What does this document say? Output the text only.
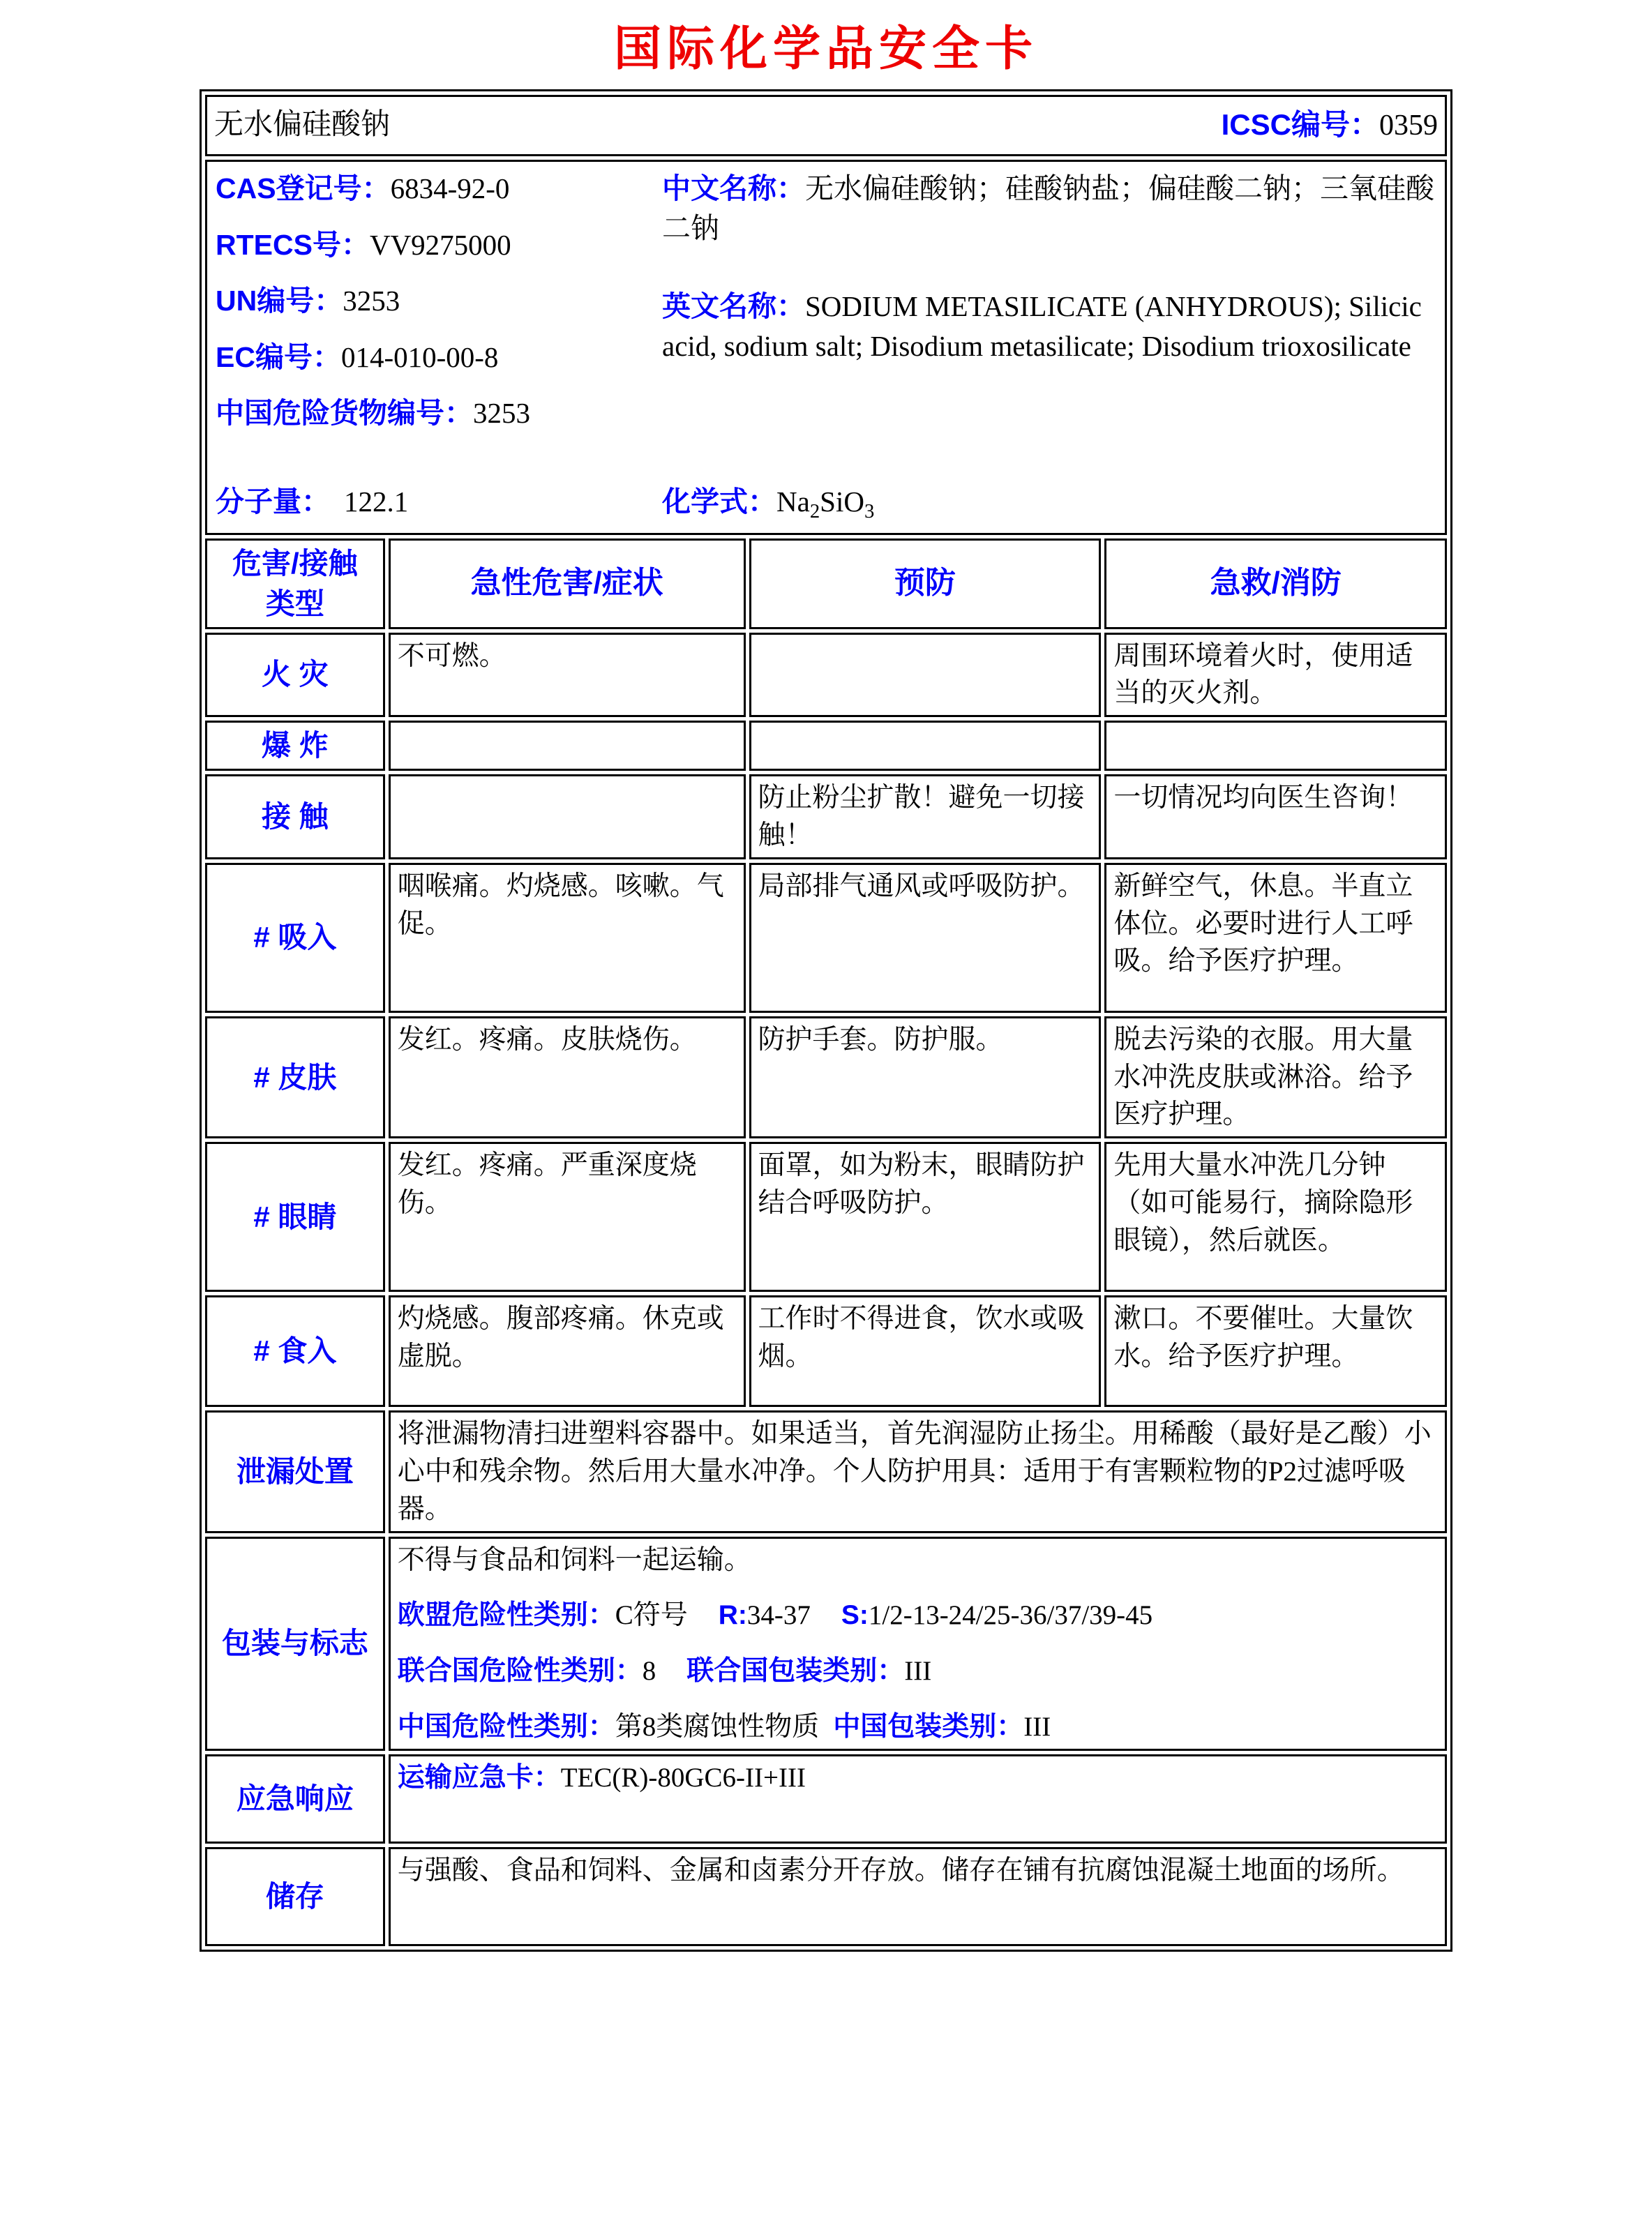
国际化学品安全卡
无水偏硅酸钠 ICSC编号：0359			

CAS登记号：6834-92-0
RTECS号：VV9275000
UN编号：3253
EC编号：014-010-00-8
中国危险货物编号：3253
中文名称：无水偏硅酸钠；硅酸钠盐；偏硅酸二钠；三氧硅酸二钠
英文名称：SODIUM METASILICATE (ANHYDROUS); Silicic acid, sodium salt; Disodium metasilicate; Disodium trioxosilicate
分子量： 122.1	化学式：$Na_2SiO_3$

危害/接触 类型	急性危害/症状	预防	急救/消防
火 灾	不可燃。		周围环境着火时，使用适当的灭火剂。
爆 炸			
接 触		防止粉尘扩散！避免一切接触！	一切情况均向医生咨询！
# 吸入	咽喉痛。灼烧感。咳嗽。气促。	局部排气通风或呼吸防护。	新鲜空气，休息。半直立体位。必要时进行人工呼吸。给予医疗护理。
# 皮肤	发红。疼痛。皮肤烧伤。	防护手套。防护服。	脱去污染的衣服。用大量水冲洗皮肤或淋浴。给予医疗护理。
# 眼睛	发红。疼痛。严重深度烧伤。	面罩，如为粉末，眼睛防护结合呼吸防护。	先用大量水冲洗几分钟（如可能易行，摘除隐形眼镜），然后就医。
# 食入	灼烧感。腹部疼痛。休克或虚脱。	工作时不得进食，饮水或吸烟。	漱口。不要催吐。大量饮水。给予医疗护理。
泄漏处置	将泄漏物清扫进塑料容器中。如果适当，首先润湿防止扬尘。用稀酸（最好是乙酸）小心中和残余物。然后用大量水冲净。个人防护用具：适用于有害颗粒物的P2过滤呼吸器。		
包装与标志	不得与食品和饲料一起运输。
欧盟危险性类别：C符号 R:34-37 S:1/2-13-24/25-36/37/39-45
联合国危险性类别：8 联合国包装类别：III
中国危险性类别：第8类腐蚀性物质 中国包装类别：III		

应急响应	运输应急卡：TEC(R)-80GC6-II+III		
储存	与强酸、食品和饲料、金属和卤素分开存放。储存在铺有抗腐蚀混凝土地面的场所。		
